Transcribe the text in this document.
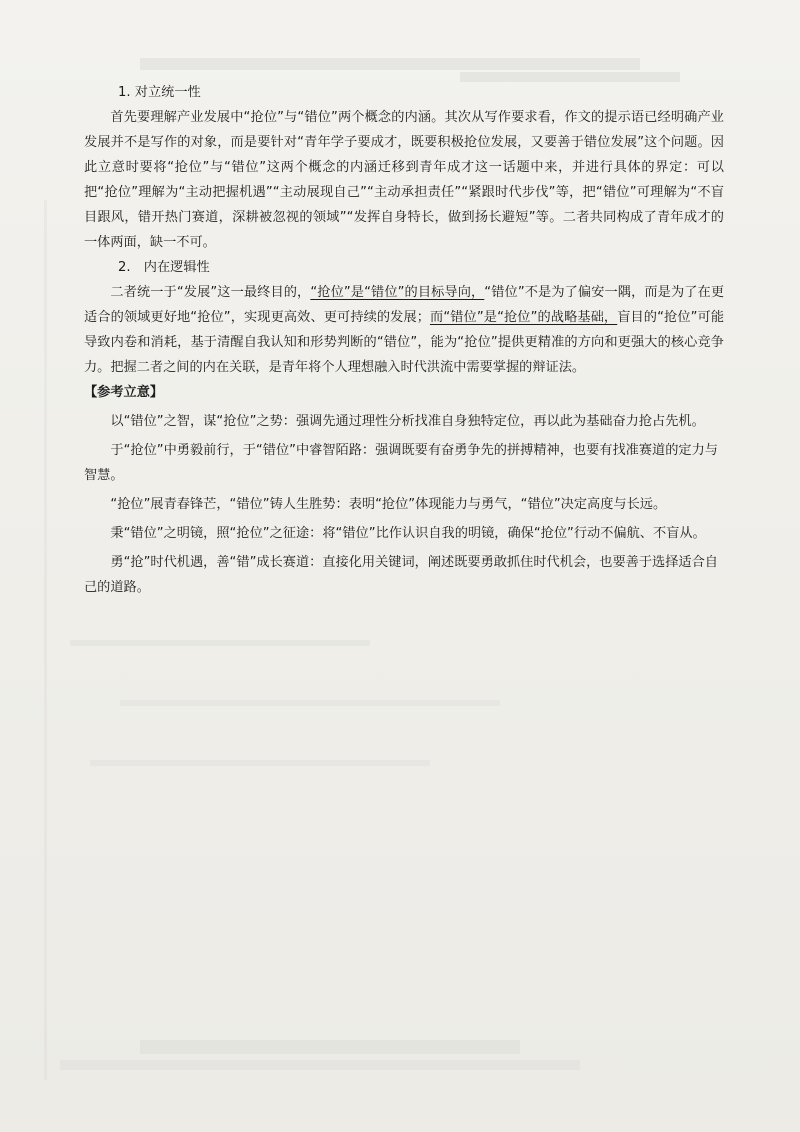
1. 对立统一性

首先要理解产业发展中“抢位”与“错位”两个概念的内涵。其次从写作要求看，作文的提示语已经明确产业发展并不是写作的对象，而是要针对“青年学子要成才，既要积极抢位发展，又要善于错位发展”这个问题。因此立意时要将“抢位”与“错位”这两个概念的内涵迁移到青年成才这一话题中来，并进行具体的界定：可以把“抢位”理解为“主动把握机遇”“主动展现自己”“主动承担责任”“紧跟时代步伐”等，把“错位”可理解为“不盲目跟风，错开热门赛道，深耕被忽视的领域”“发挥自身特长，做到扬长避短”等。二者共同构成了青年成才的一体两面，缺一不可。

2.　内在逻辑性

二者统一于“发展”这一最终目的，“抢位”是“错位”的目标导向，“错位”不是为了偏安一隅，而是为了在更适合的领域更好地“抢位”，实现更高效、更可持续的发展；而“错位”是“抢位”的战略基础，盲目的“抢位”可能导致内卷和消耗，基于清醒自我认知和形势判断的“错位”，能为“抢位”提供更精准的方向和更强大的核心竞争力。把握二者之间的内在关联，是青年将个人理想融入时代洪流中需要掌握的辩证法。

【参考立意】

以“错位”之智，谋“抢位”之势：强调先通过理性分析找准自身独特定位，再以此为基础奋力抢占先机。

于“抢位”中勇毅前行，于“错位”中睿智陌路：强调既要有奋勇争先的拼搏精神，也要有找准赛道的定力与智慧。

“抢位”展青春锋芒，“错位”铸人生胜势：表明“抢位”体现能力与勇气，“错位”决定高度与长远。

秉“错位”之明镜，照“抢位”之征途：将“错位”比作认识自我的明镜，确保“抢位”行动不偏航、不盲从。

勇“抢”时代机遇，善“错”成长赛道：直接化用关键词，阐述既要勇敢抓住时代机会，也要善于选择适合自己的道路。
